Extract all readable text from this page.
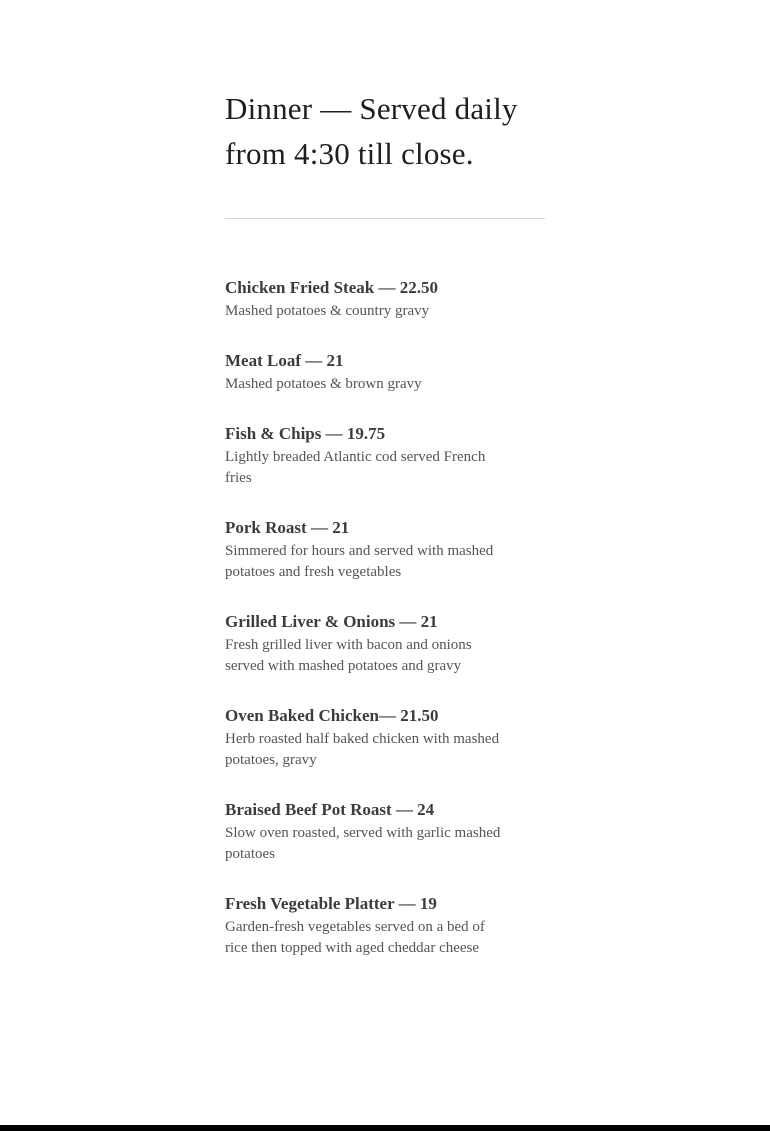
Dinner — Served daily from 4:30 till close.
Chicken Fried Steak — 22.50
Mashed potatoes & country gravy
Meat Loaf — 21
Mashed potatoes & brown gravy
Fish & Chips — 19.75
Lightly breaded Atlantic cod served French fries
Pork Roast — 21
Simmered for hours and served with mashed potatoes and fresh vegetables
Grilled Liver & Onions — 21
Fresh grilled liver with bacon and onions served with mashed potatoes and gravy
Oven Baked Chicken— 21.50
Herb roasted half baked chicken with mashed potatoes, gravy
Braised Beef Pot Roast — 24
Slow oven roasted, served with garlic mashed potatoes
Fresh Vegetable Platter — 19
Garden-fresh vegetables served on a bed of rice then topped with aged cheddar cheese
